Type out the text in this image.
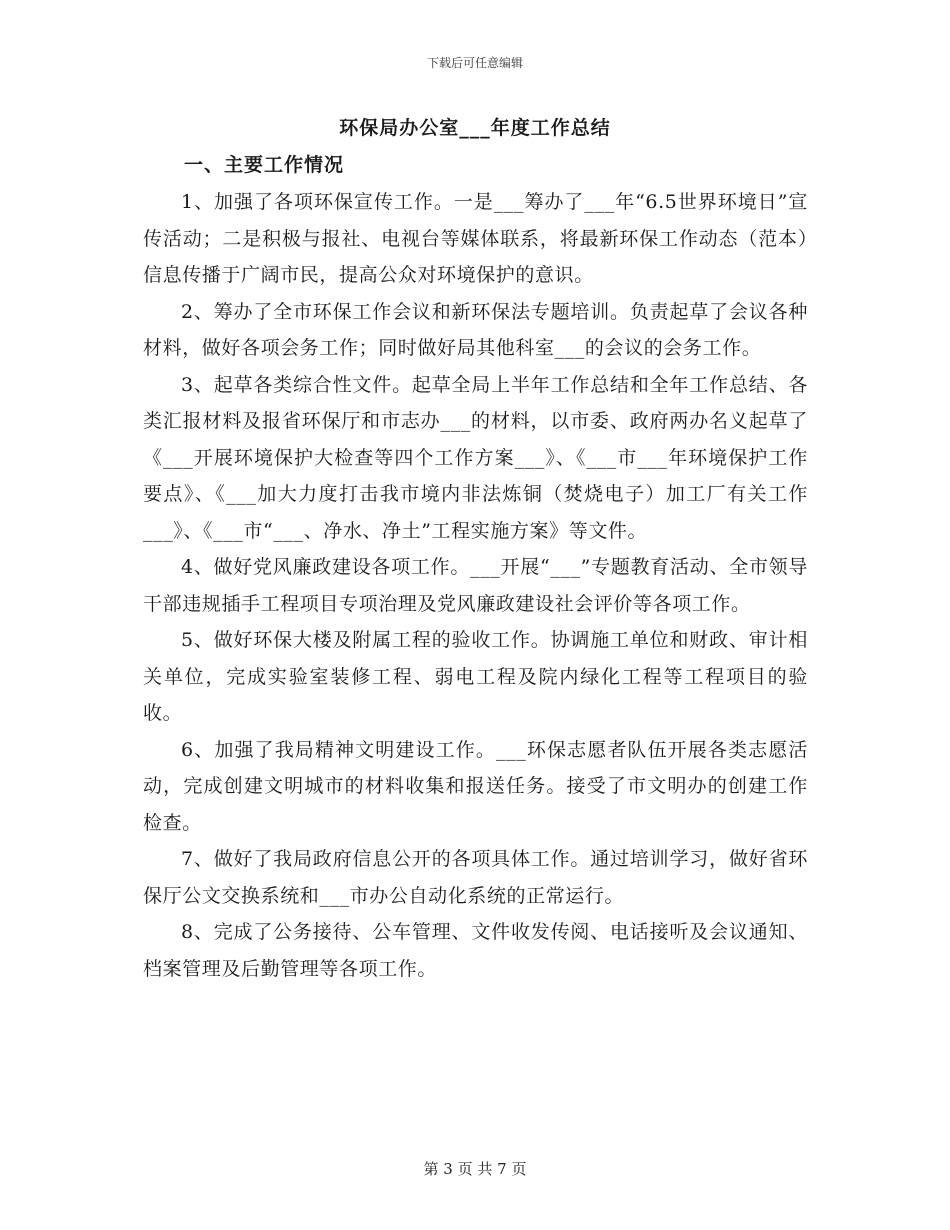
下载后可任意编辑
环保局办公室___年度工作总结
一、主要工作情况

1、加强了各项环保宣传工作。一是___筹办了___年“6.5世界环境日”宣传活动；二是积极与报社、电视台等媒体联系，将最新环保工作动态（范本）信息传播于广阔市民，提高公众对环境保护的意识。

2、筹办了全市环保工作会议和新环保法专题培训。负责起草了会议各种材料，做好各项会务工作；同时做好局其他科室___的会议的会务工作。

3、起草各类综合性文件。起草全局上半年工作总结和全年工作总结、各类汇报材料及报省环保厅和市志办___的材料，以市委、政府两办名义起草了《___开展环境保护大检查等四个工作方案___》、《___市___年环境保护工作要点》、《___加大力度打击我市境内非法炼铜（焚烧电子）加工厂有关工作___》、《___市“___、净水、净土”工程实施方案》等文件。

4、做好党风廉政建设各项工作。___开展“___”专题教育活动、全市领导干部违规插手工程项目专项治理及党风廉政建设社会评价等各项工作。

5、做好环保大楼及附属工程的验收工作。协调施工单位和财政、审计相关单位，完成实验室装修工程、弱电工程及院内绿化工程等工程项目的验收。

6、加强了我局精神文明建设工作。___环保志愿者队伍开展各类志愿活动，完成创建文明城市的材料收集和报送任务。接受了市文明办的创建工作检查。

7、做好了我局政府信息公开的各项具体工作。通过培训学习，做好省环保厅公文交换系统和___市办公自动化系统的正常运行。

8、完成了公务接待、公车管理、文件收发传阅、电话接听及会议通知、档案管理及后勤管理等各项工作。

第 3 页 共 7 页
